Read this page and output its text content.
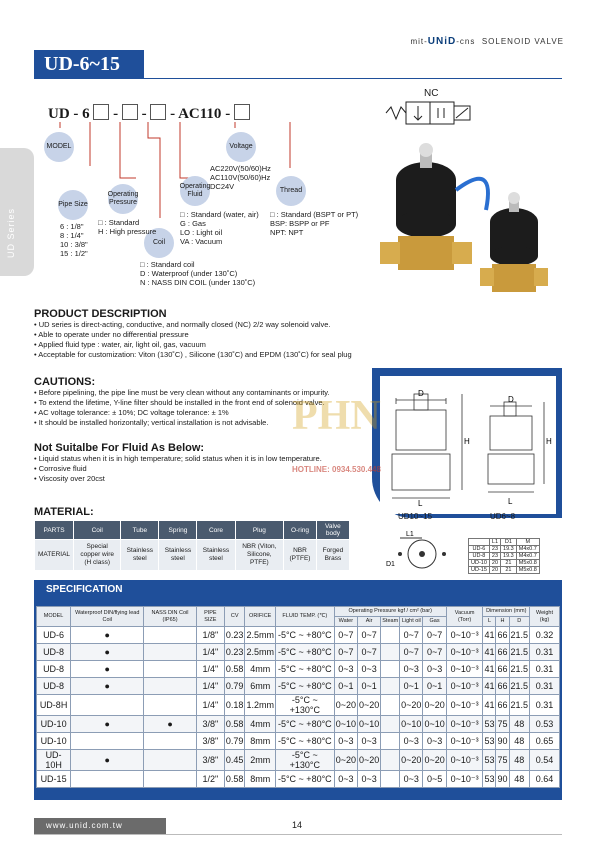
mit-UNiD-cns SOLENOID VALVE
UD-6~15
UD Series
UD - 6  -  -  - AC110 -
MODEL
Pipe Size
Operating Pressure
Operating Fluid
Coil
Voltage
Thread
6 : 1/8"
8 : 1/4"
10 : 3/8"
15 : 1/2"
□ : Standard
H : High pressure
□ : Standard (water, air)
G : Gas
LO : Light oil
VA : Vacuum
□ : Standard coil
D : Waterproof (under 130˚C)
N : NASS DIN COIL (under 130˚C)
AC220V(50/60)Hz
AC110V(50/60)Hz
DC24V
□ : Standard (BSPT or PT)
BSP: BSPP or PF
NPT: NPT
NC
PRODUCT DESCRIPTION
• UD series is direct-acting, conductive, and normally closed (NC) 2/2 way solenoid valve.
• Able to operate under no differential pressure
• Applied fluid type : water, air, light oil, gas, vacuum
• Acceptable for customization: Viton (130˚C) , Silicone (130˚C) and EPDM (130˚C) for seal plug
CAUTIONS:
• Before pipelining, the pipe line must be very clean without any contaminants or impurity.
• To extend the lifetime, Y-line filter should be installed in the front end of solenoid valve.
• AC voltage tolerance: ± 10%; DC voltage tolerance: ± 1%
• It should be installed horizontally; vertical installation is not advisable.
Not Suitalbe For Fluid As Below:
• Liquid status when it is in high temperature; solid status when it is in low temperature.
• Corrosive fluid
• Viscosity over 20cst
MATERIAL:
PARTS	Coil	Tube	Spring	Core	Plug	O-ring	Valve body
MATERIAL	Special copper wire (H class)	Stainless steel	Stainless steel	Stainless steel	NBR (Viton, Silicone, PTFE)	NBR (PTFE)	Forged Brass
D
H
L
D
H
L
UD10~15	UD6~8
L1
D1
	L1	D1	M
UD-6	23	19.3	M4x0.7
UD-8	23	19.3	M4x0.7
UD-10	20	21	M5x0.8
UD-15	20	21	M5x0.8
PHN
HOTLINE: 0934.530.448
SPECIFICATION
MODEL	Waterproof DIN/flying lead Coil	NASS DIN Coil (IP65)	PIPE SIZE	CV	ORIFICE	FLUID TEMP. (℃)	Operating Pressure kgf / cm² (bar)					Vacuum (Torr)	Dimension (mm)			Weight (kg)
							Water	Air	Steam	Light oil	Gas		L	H	D	
UD-6	●		1/8"	0.23	2.5mm	-5°C ~ +80°C	0~7	0~7		0~7	0~7	0~10⁻³	41	66	21.5	0.32
UD-8	●		1/4"	0.23	2.5mm	-5°C ~ +80°C	0~7	0~7		0~7	0~7	0~10⁻³	41	66	21.5	0.31
UD-8	●		1/4"	0.58	4mm	-5°C ~ +80°C	0~3	0~3		0~3	0~3	0~10⁻³	41	66	21.5	0.31
UD-8	●		1/4"	0.79	6mm	-5°C ~ +80°C	0~1	0~1		0~1	0~1	0~10⁻³	41	66	21.5	0.31
UD-8H			1/4"	0.18	1.2mm	-5°C ~ +130°C	0~20	0~20		0~20	0~20	0~10⁻³	41	66	21.5	0.31
UD-10	●	●	3/8"	0.58	4mm	-5°C ~ +80°C	0~10	0~10		0~10	0~10	0~10⁻³	53	75	48	0.53
UD-10			3/8"	0.79	8mm	-5°C ~ +80°C	0~3	0~3		0~3	0~3	0~10⁻³	53	90	48	0.65
UD-10H	●		3/8"	0.45	2mm	-5°C ~ +130°C	0~20	0~20		0~20	0~20	0~10⁻³	53	75	48	0.54
UD-15			1/2"	0.58	8mm	-5°C ~ +80°C	0~3	0~3		0~3	0~5	0~10⁻³	53	90	48	0.64
www.unid.com.tw	14
